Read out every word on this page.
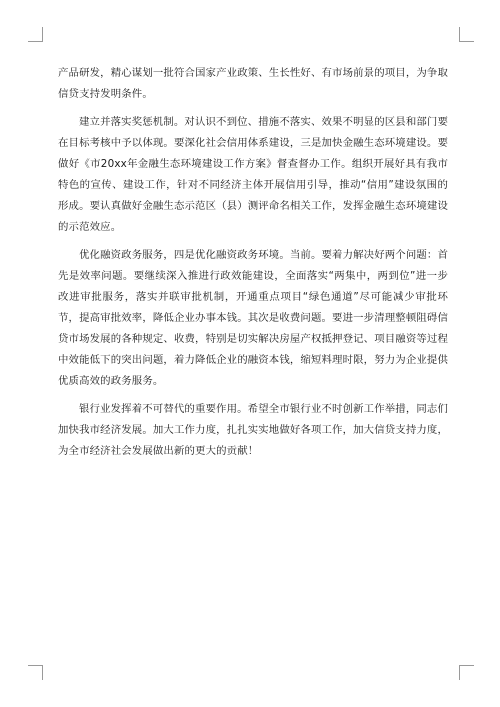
产品研发，精心谋划一批符合国家产业政策、生长性好、有市场前景的项目，为争取信贷支持发明条件。

建立并落实奖惩机制。对认识不到位、措施不落实、效果不明显的区县和部门要在目标考核中予以体现。要深化社会信用体系建设，三是加快金融生态环境建设。要做好《市20xx年金融生态环境建设工作方案》督查督办工作。组织开展好具有我市特色的宣传、建设工作，针对不同经济主体开展信用引导，推动“信用”建设氛围的形成。要认真做好金融生态示范区（县）测评命名相关工作，发挥金融生态环境建设的示范效应。

优化融资政务服务，四是优化融资政务环境。当前。要着力解决好两个问题：首先是效率问题。要继续深入推进行政效能建设，全面落实“两集中，两到位”进一步改进审批服务，落实并联审批机制，开通重点项目“绿色通道”尽可能减少审批环节，提高审批效率，降低企业办事本钱。其次是收费问题。要进一步清理整顿阻碍信贷市场发展的各种规定、收费，特别是切实解决房屋产权抵押登记、项目融资等过程中效能低下的突出问题，着力降低企业的融资本钱，缩短料理时限，努力为企业提供优质高效的政务服务。

银行业发挥着不可替代的重要作用。希望全市银行业不时创新工作举措，同志们加快我市经济发展。加大工作力度，扎扎实实地做好各项工作，加大信贷支持力度，为全市经济社会发展做出新的更大的贡献！
